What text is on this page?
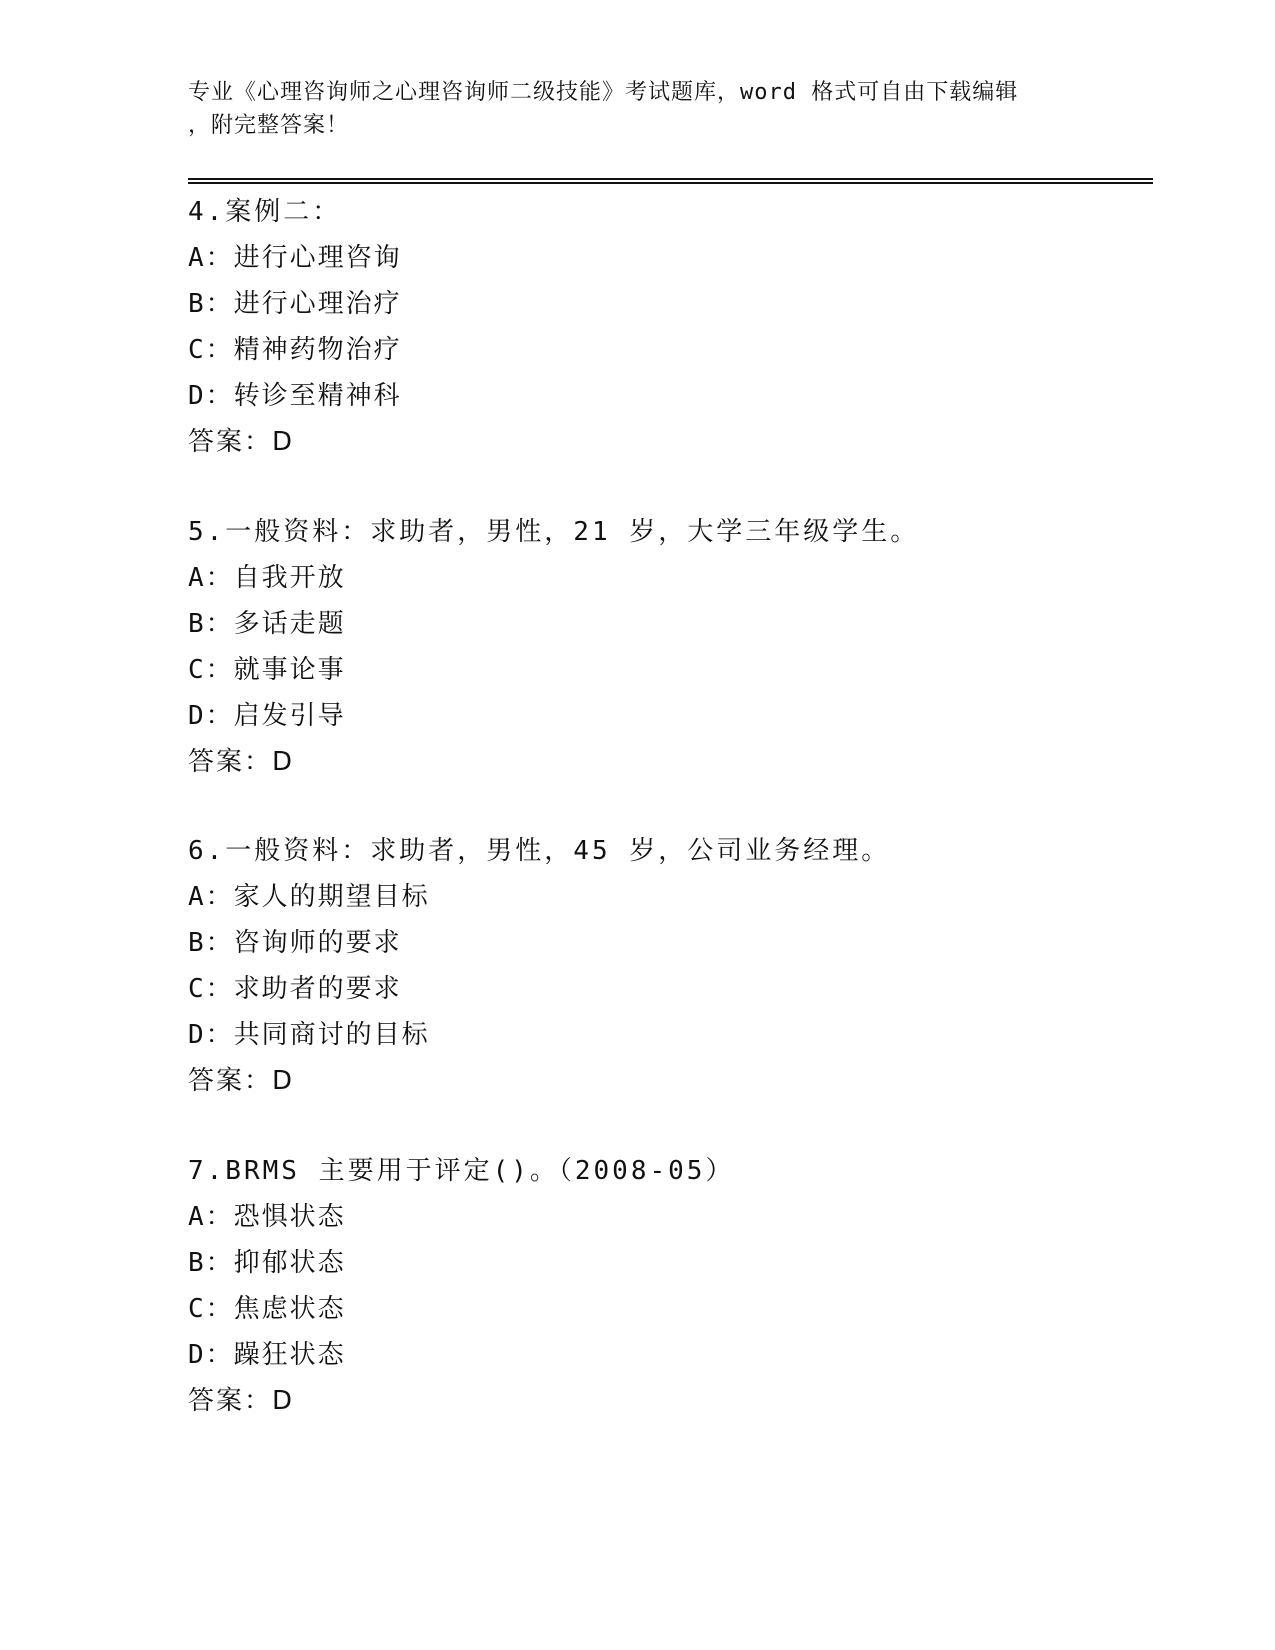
专业《心理咨询师之心理咨询师二级技能》考试题库，word 格式可自由下载编辑
，附完整答案！
4.案例二：
A：进行心理咨询
B：进行心理治疗
C：精神药物治疗
D：转诊至精神科
答案：D
5.一般资料：求助者，男性，21 岁，大学三年级学生。
A：自我开放
B：多话走题
C：就事论事
D：启发引导
答案：D
6.一般资料：求助者，男性，45 岁，公司业务经理。
A：家人的期望目标
B：咨询师的要求
C：求助者的要求
D：共同商讨的目标
答案：D
7.BRMS 主要用于评定()。（2008-05）
A：恐惧状态
B：抑郁状态
C：焦虑状态
D：躁狂状态
答案：D
